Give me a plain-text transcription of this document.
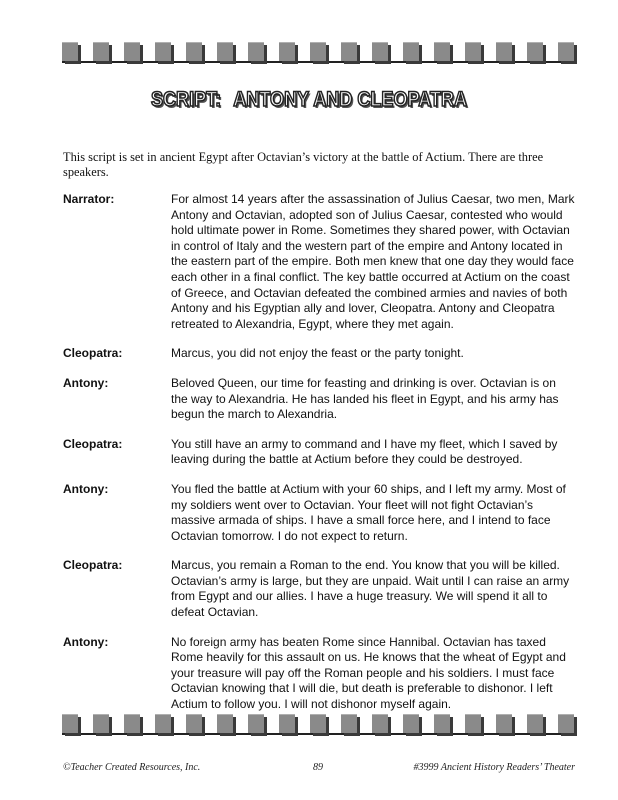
SCRIPT: ANTONY AND CLEOPATRA
This script is set in ancient Egypt after Octavian’s victory at the battle of Actium. There are three speakers.
Narrator:	For almost 14 years after the assassination of Julius Caesar, two men, Mark Antony and Octavian, adopted son of Julius Caesar, contested who would hold ultimate power in Rome. Sometimes they shared power, with Octavian in control of Italy and the western part of the empire and Antony located in the eastern part of the empire. Both men knew that one day they would face each other in a final conflict. The key battle occurred at Actium on the coast of Greece, and Octavian defeated the combined armies and navies of both Antony and his Egyptian ally and lover, Cleopatra. Antony and Cleopatra retreated to Alexandria, Egypt, where they met again.
Cleopatra:	Marcus, you did not enjoy the feast or the party tonight.
Antony:	Beloved Queen, our time for feasting and drinking is over. Octavian is on the way to Alexandria. He has landed his fleet in Egypt, and his army has begun the march to Alexandria.
Cleopatra:	You still have an army to command and I have my fleet, which I saved by leaving during the battle at Actium before they could be destroyed.
Antony:	You fled the battle at Actium with your 60 ships, and I left my army. Most of my soldiers went over to Octavian. Your fleet will not fight Octavian’s massive armada of ships. I have a small force here, and I intend to face Octavian tomorrow. I do not expect to return.
Cleopatra:	Marcus, you remain a Roman to the end. You know that you will be killed. Octavian’s army is large, but they are unpaid. Wait until I can raise an army from Egypt and our allies. I have a huge treasury. We will spend it all to defeat Octavian.
Antony:	No foreign army has beaten Rome since Hannibal. Octavian has taxed Rome heavily for this assault on us. He knows that the wheat of Egypt and your treasure will pay off the Roman people and his soldiers. I must face Octavian knowing that I will die, but death is preferable to dishonor. I left Actium to follow you. I will not dishonor myself again.
©Teacher Created Resources, Inc.	89	#3999 Ancient History Readers’ Theater
